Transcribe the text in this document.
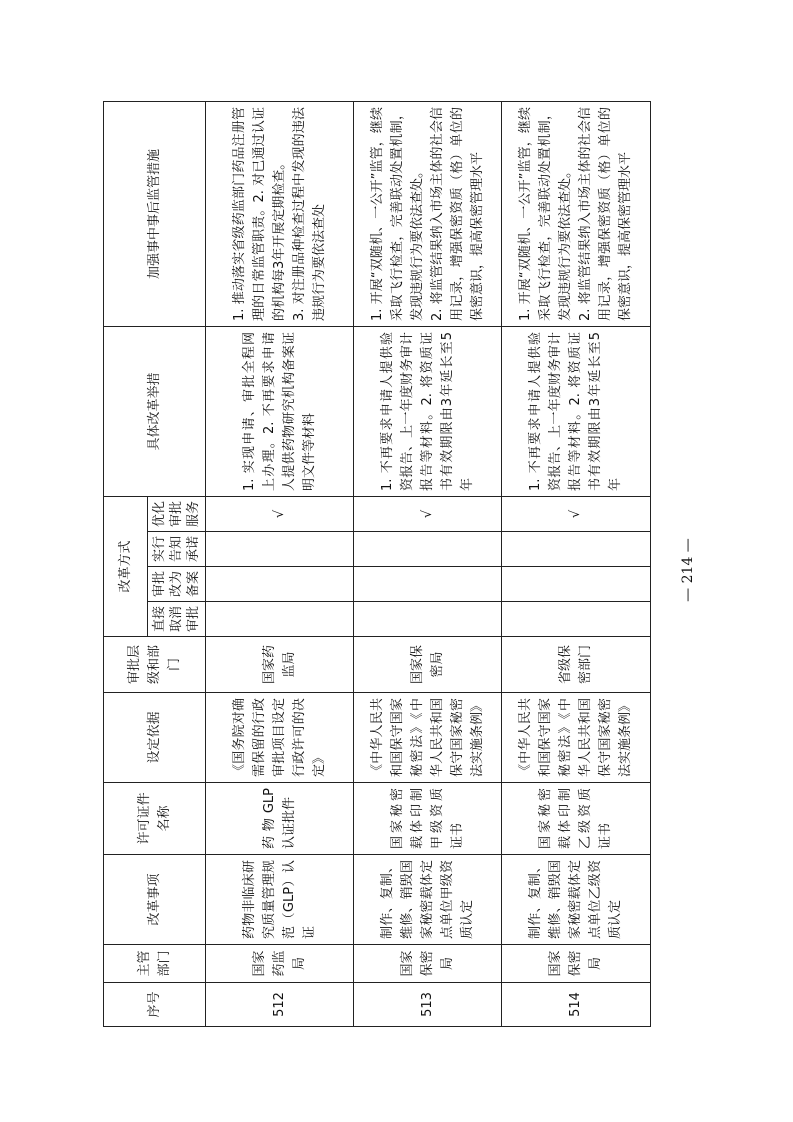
序号	主管部门	改革事项	许可证件名称	设定依据	审批层级和部门	改革方式				具体改革举措	加强事中事后监管措施
						直接取消审批	审批改为备案	实行告知承诺	优化审批服务		
512	国家药监局	药物非临床研究质量管理规范（GLP）认证	药物GLP认证批件	《国务院对确需保留的行政审批项目设定行政许可的决定》	国家药监局				√	1. 实现申请、审批全程网上办理。2. 不再要求申请人提供药物研究机构备案证明文件等材料	1. 推动落实省级药监部门药品注册管理的日常监管职责。2. 对已通过认证的机构每3年开展定期检查。 3. 对注册品种检查过程中发现的违法违规行为要依法查处

513	国家保密局	制作、复制、维修、销毁国家秘密载体定点单位甲级资质认定	国家秘密载体印制甲级资质证书	《中华人民共和国保守国家秘密法》《中华人民共和国保守国家秘密法实施条例》	国家保密局				√	1. 不再要求申请人提供验资报告、上一年度财务审计报告等材料。2. 将资质证书有效期限由3年延长至5年	1. 开展“双随机、一公开”监管，继续采取飞行检查，完善联动处置机制，发现违规行为要依法查处。 2. 将监管结果纳入市场主体的社会信用记录，增强保密资质（格）单位的保密意识，提高保密管理水平

514	国家保密局	制作、复制、维修、销毁国家秘密载体定点单位乙级资质认定	国家秘密载体印制乙级资质证书	《中华人民共和国保守国家秘密法》《中华人民共和国保守国家秘密法实施条例》	省级保密部门				√	1. 不再要求申请人提供验资报告、上一年度财务审计报告等材料。2. 将资质证书有效期限由3年延长至5年	1. 开展“双随机、一公开”监管，继续采取飞行检查，完善联动处置机制，发现违规行为要依法查处。 2. 将监管结果纳入市场主体的社会信用记录，增强保密资质（格）单位的保密意识，提高保密管理水平
— 214 —
